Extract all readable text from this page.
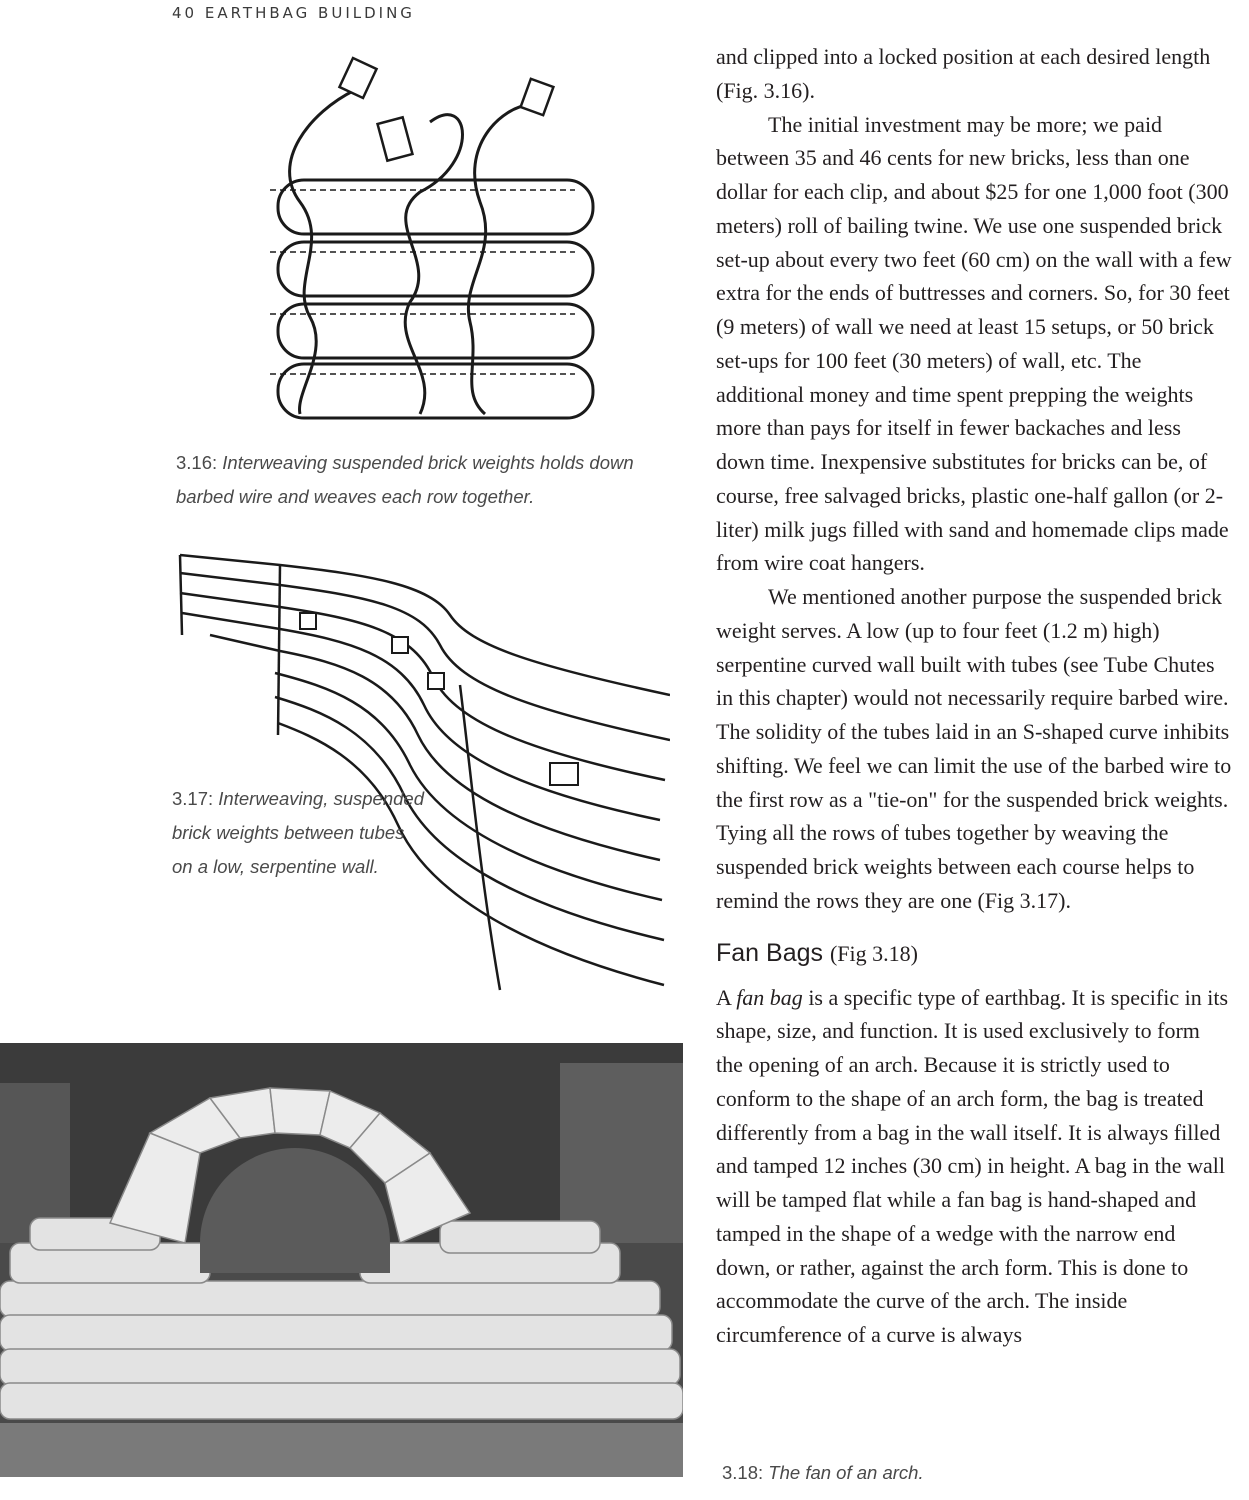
40 EARTHBAG BUILDING
3.16: Interweaving suspended brick weights holds down
barbed wire and weaves each row together.
3.17: Interweaving, suspended
brick weights between tubes
on a low, serpentine wall.
3.18: The fan of an arch.

and clipped into a locked position at each desired length (Fig. 3.16).

The initial investment may be more; we paid between 35 and 46 cents for new bricks, less than one dollar for each clip, and about $25 for one 1,000 foot (300 meters) roll of bailing twine. We use one suspended brick set-up about every two feet (60 cm) on the wall with a few extra for the ends of buttresses and corners. So, for 30 feet (9 meters) of wall we need at least 15 setups, or 50 brick set-ups for 100 feet (30 meters) of wall, etc. The additional money and time spent prepping the weights more than pays for itself in fewer backaches and less down time. Inexpensive substitutes for bricks can be, of course, free salvaged bricks, plastic one-half gallon (or 2-liter) milk jugs filled with sand and homemade clips made from wire coat hangers.

We mentioned another purpose the suspended brick weight serves. A low (up to four feet (1.2 m) high) serpentine curved wall built with tubes (see Tube Chutes in this chapter) would not necessarily require barbed wire. The solidity of the tubes laid in an S-shaped curve inhibits shifting. We feel we can limit the use of the barbed wire to the first row as a "tie-on" for the suspended brick weights. Tying all the rows of tubes together by weaving the suspended brick weights between each course helps to remind the rows they are one (Fig 3.17).

Fan Bags (Fig 3.18)

A fan bag is a specific type of earthbag. It is specific in its shape, size, and function. It is used exclusively to form the opening of an arch. Because it is strictly used to conform to the shape of an arch form, the bag is treated differently from a bag in the wall itself. It is always filled and tamped 12 inches (30 cm) in height. A bag in the wall will be tamped flat while a fan bag is hand-shaped and tamped in the shape of a wedge with the narrow end down, or rather, against the arch form. This is done to accommodate the curve of the arch. The inside circumference of a curve is always
